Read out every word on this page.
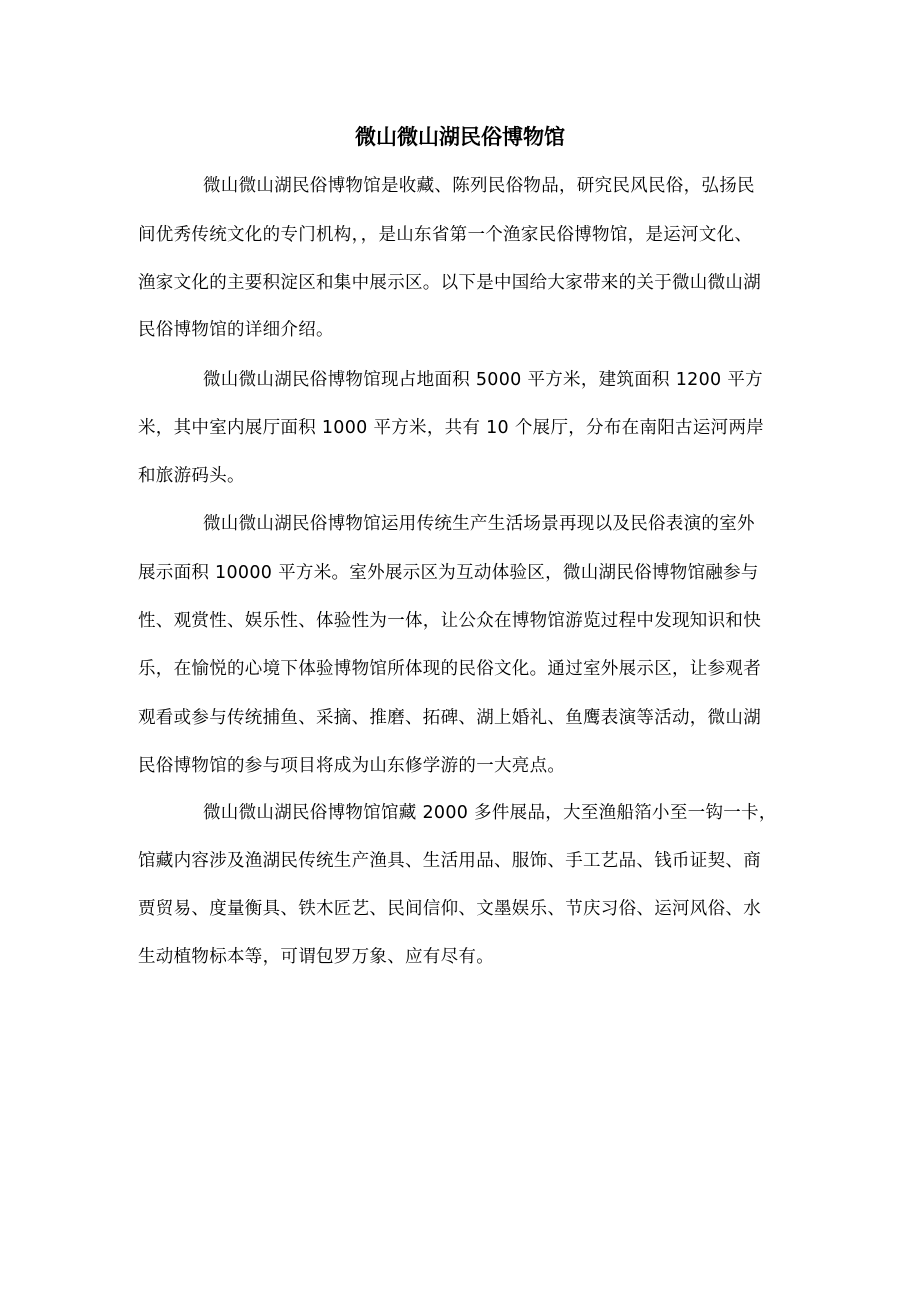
微山微山湖民俗博物馆
微山微山湖民俗博物馆是收藏、陈列民俗物品，研究民风民俗，弘扬民
间优秀传统文化的专门机构，，是山东省第一个渔家民俗博物馆，是运河文化、
渔家文化的主要积淀区和集中展示区。以下是中国给大家带来的关于微山微山湖
民俗博物馆的详细介绍。
微山微山湖民俗博物馆现占地面积 5000 平方米，建筑面积 1200 平方
米，其中室内展厅面积 1000 平方米，共有 10 个展厅，分布在南阳古运河两岸
和旅游码头。
微山微山湖民俗博物馆运用传统生产生活场景再现以及民俗表演的室外
展示面积 10000 平方米。室外展示区为互动体验区，微山湖民俗博物馆融参与
性、观赏性、娱乐性、体验性为一体，让公众在博物馆游览过程中发现知识和快
乐，在愉悦的心境下体验博物馆所体现的民俗文化。通过室外展示区，让参观者
观看或参与传统捕鱼、采摘、推磨、拓碑、湖上婚礼、鱼鹰表演等活动，微山湖
民俗博物馆的参与项目将成为山东修学游的一大亮点。
微山微山湖民俗博物馆馆藏 2000 多件展品，大至渔船箔小至一钩一卡，
馆藏内容涉及渔湖民传统生产渔具、生活用品、服饰、手工艺品、钱币证契、商
贾贸易、度量衡具、铁木匠艺、民间信仰、文墨娱乐、节庆习俗、运河风俗、水
生动植物标本等，可谓包罗万象、应有尽有。
